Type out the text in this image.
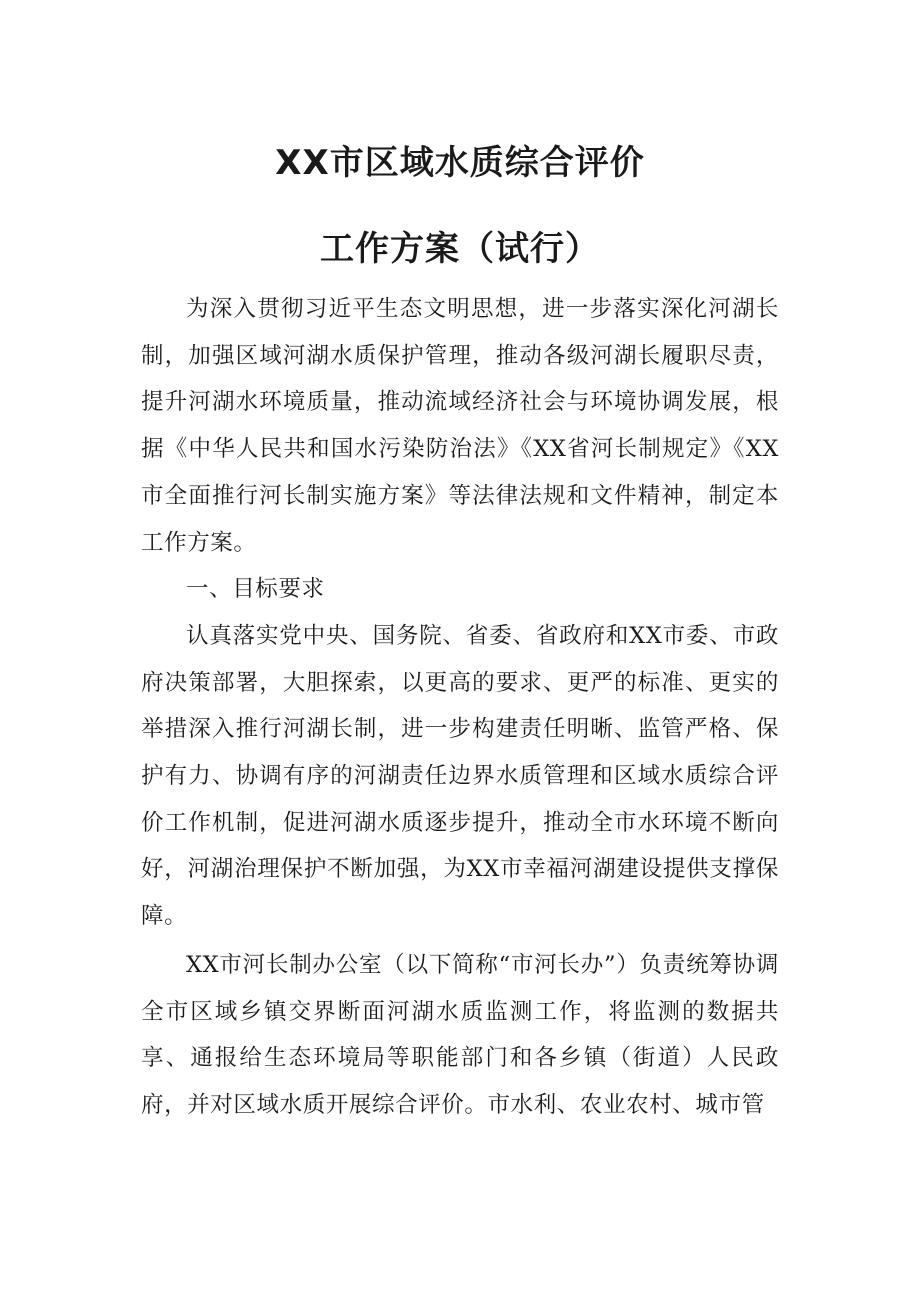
XX市区域水质综合评价
工作方案（试行）

为深入贯彻习近平生态文明思想，进一步落实深化河湖长制，加强区域河湖水质保护管理，推动各级河湖长履职尽责，提升河湖水环境质量，推动流域经济社会与环境协调发展，根据《中华人民共和国水污染防治法》《XX省河长制规定》《XX市全面推行河长制实施方案》等法律法规和文件精神，制定本工作方案。

一、目标要求

认真落实党中央、国务院、省委、省政府和XX市委、市政府决策部署，大胆探索，以更高的要求、更严的标准、更实的举措深入推行河湖长制，进一步构建责任明晰、监管严格、保护有力、协调有序的河湖责任边界水质管理和区域水质综合评价工作机制，促进河湖水质逐步提升，推动全市水环境不断向好，河湖治理保护不断加强，为XX市幸福河湖建设提供支撑保障。

XX市河长制办公室（以下简称“市河长办”）负责统筹协调全市区域乡镇交界断面河湖水质监测工作，将监测的数据共享、通报给生态环境局等职能部门和各乡镇（街道）人民政府，并对区域水质开展综合评价。市水利、农业农村、城市管
